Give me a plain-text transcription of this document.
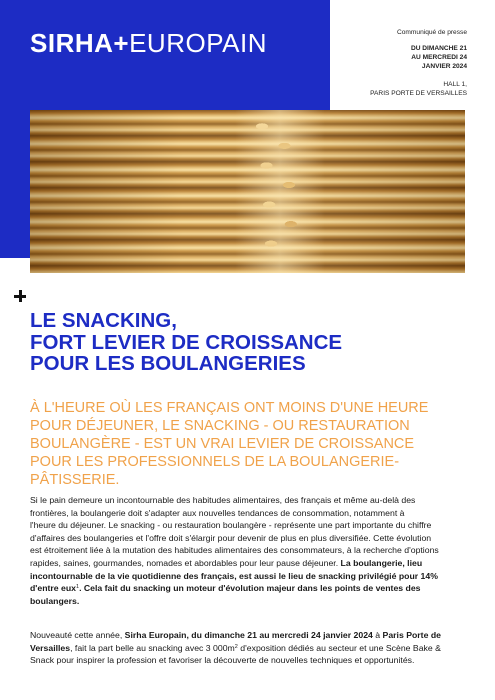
SIRHA+EUROPAIN	Communiqué de presse
DU DIMANCHE 21
AU MERCREDI 24
JANVIER 2024
HALL 1,
PARIS PORTE DE VERSAILLES
LE SNACKING,
FORT LEVIER DE CROISSANCE
POUR LES BOULANGERIES
À L'HEURE OÙ LES FRANÇAIS ONT MOINS D'UNE HEURE
POUR DÉJEUNER, LE SNACKING - OU RESTAURATION
BOULANGÈRE - EST UN VRAI LEVIER DE CROISSANCE
POUR LES PROFESSIONNELS DE LA BOULANGERIE-
PÂTISSERIE.
Si le pain demeure un incontournable des habitudes alimentaires, des français et même au-delà des
frontières, la boulangerie doit s'adapter aux nouvelles tendances de consommation, notamment à
l'heure du déjeuner. Le snacking - ou restauration boulangère - représente une part importante du chiffre
d'affaires des boulangeries et l'offre doit s'élargir pour devenir de plus en plus diversifiée. Cette évolution
est étroitement liée à la mutation des habitudes alimentaires des consommateurs, à la recherche d'options
rapides, saines, gourmandes, nomades et abordables pour leur pause déjeuner. La boulangerie, lieu
incontournable de la vie quotidienne des français, est aussi le lieu de snacking privilégié pour 14%
d'entre eux$^1$. Cela fait du snacking un moteur d'évolution majeur dans les points de ventes des
boulangers.
Nouveauté cette année, Sirha Europain, du dimanche 21 au mercredi 24 janvier 2024 à Paris Porte de
Versailles, fait la part belle au snacking avec 3 $000m^2$ d'exposition dédiés au secteur et une Scène Bake &
Snack pour inspirer la profession et favoriser la découverte de nouvelles techniques et opportunités.
